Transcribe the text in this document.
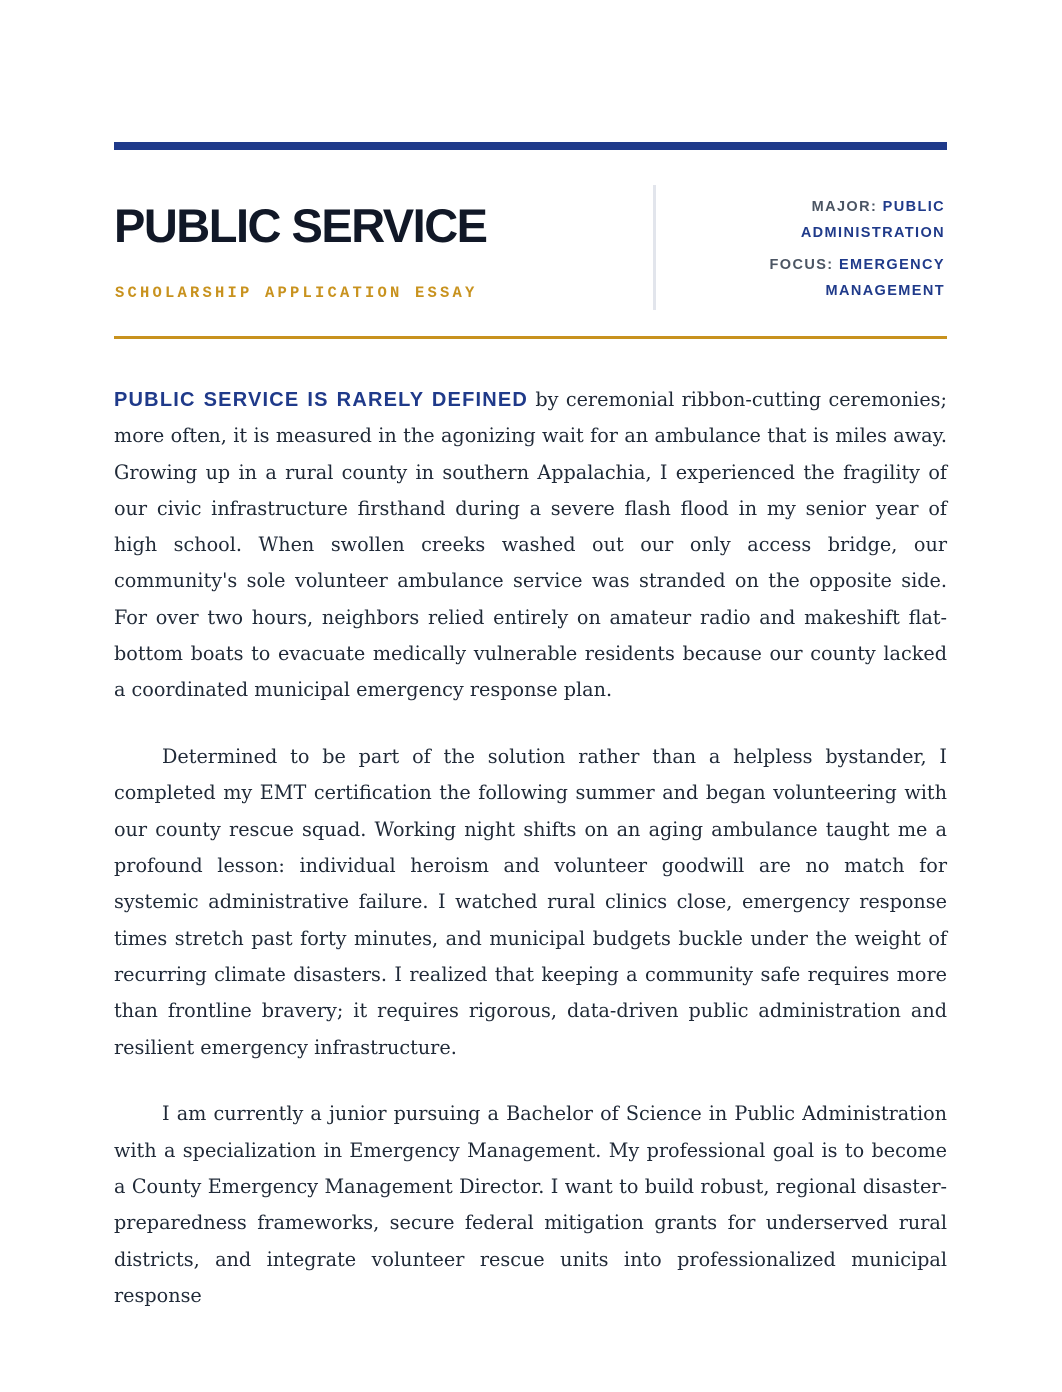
PUBLIC SERVICE
SCHOLARSHIP APPLICATION ESSAY
MAJOR: PUBLIC ADMINISTRATION
FOCUS: EMERGENCY MANAGEMENT

PUBLIC SERVICE IS RARELY DEFINED by ceremonial ribbon-cutting ceremonies; more often, it is measured in the agonizing wait for an ambulance that is miles away. Growing up in a rural county in southern Appalachia, I experienced the fragility of our civic infrastructure firsthand during a severe flash flood in my senior year of high school. When swollen creeks washed out our only access bridge, our community's sole volunteer ambulance service was stranded on the opposite side. For over two hours, neighbors relied entirely on amateur radio and makeshift flat-bottom boats to evacuate medically vulnerable residents because our county lacked a coordinated municipal emergency response plan.

Determined to be part of the solution rather than a helpless bystander, I completed my EMT certification the following summer and began volunteering with our county rescue squad. Working night shifts on an aging ambulance taught me a profound lesson: individual heroism and volunteer goodwill are no match for systemic administrative failure. I watched rural clinics close, emergency response times stretch past forty minutes, and municipal budgets buckle under the weight of recurring climate disasters. I realized that keeping a community safe requires more than frontline bravery; it requires rigorous, data-driven public administration and resilient emergency infrastructure.

I am currently a junior pursuing a Bachelor of Science in Public Administration with a specialization in Emergency Management. My professional goal is to become a County Emergency Management Director. I want to build robust, regional disaster-preparedness frameworks, secure federal mitigation grants for underserved rural districts, and integrate volunteer rescue units into professionalized municipal response
